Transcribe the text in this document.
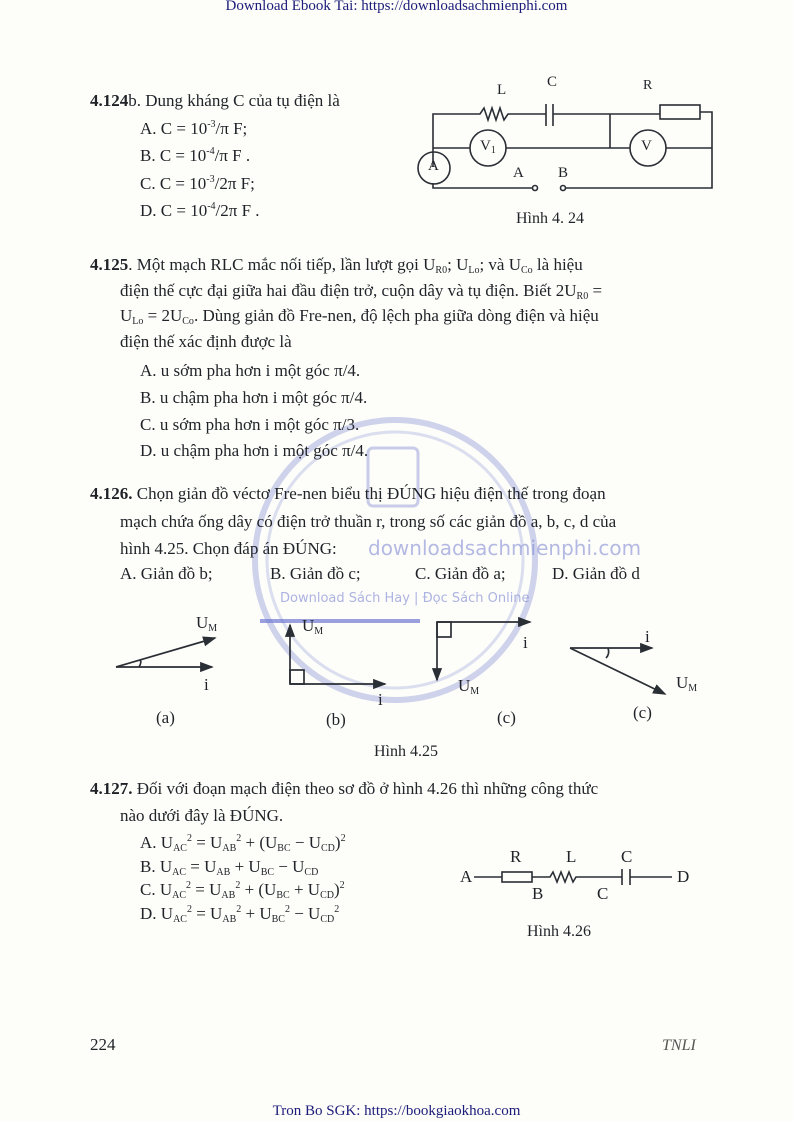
Download Ebook Tai: https://downloadsachmienphi.com
downloadsachmienphi.com
Download Sách Hay | Đọc Sách Online
4.124b. Dung kháng C của tụ điện là
A. $C = 10^{-3}/\pi$ F;
B. $C = 10^{-4}/\pi$ F .
C. $C = 10^{-3}/2\pi$ F;
D. $C = 10^{-4}/2\pi$ F .
L	C	R
$V_1$	V
A	A B
Hình 4. 24
4.125. Một mạch RLC mắc nối tiếp, lần lượt gọi $U_{R0}$; $U_{Lo}$; và $U_{Co}$ là hiệu
điện thế cực đại giữa hai đầu điện trở, cuộn dây và tụ điện. Biết $2U_{R0}$ =
$U_{Lo} = 2U_{Co}$. Dùng giản đồ Fre-nen, độ lệch pha giữa dòng điện và hiệu
điện thế xác định được là
A. u sớm pha hơn i một góc π/4.
B. u chậm pha hơn i một góc π/4.
C. u sớm pha hơn i một góc π/3.
D. u chậm pha hơn i một góc π/4.
4.126. Chọn giản đồ véctơ Fre-nen biểu thị ĐÚNG hiệu điện thế trong đoạn
mạch chứa ống dây có điện trở thuần r, trong số các giản đồ a, b, c, d của
hình 4.25. Chọn đáp án ĐÚNG:
A. Giản đồ b;	B. Giản đồ c;	C. Giản đồ a;	D. Giản đồ d
$U_M$
i
$U_M$
i
i
$U_M$
i
$U_M$
(a)	(b)	(c)	(c)
Hình 4.25
4.127. Đối với đoạn mạch điện theo sơ đồ ở hình 4.26 thì những công thức
nào dưới đây là ĐÚNG.
A. $U_{AC}^2 = U_{AB}^2 + (U_{BC} - U_{CD})^2$
B. $U_{AC} = U_{AB} + U_{BC} - U_{CD}$
C. $U_{AC}^2 = U_{AB}^2 + (U_{BC} + U_{CD})^2$
D. $U_{AC}^2 = U_{AB}^2 + U_{BC}^2 - U_{CD}^2$
A
R	L	C
B	C
D
Hình 4.26
224	TNLI
Tron Bo SGK: https://bookgiaokhoa.com
